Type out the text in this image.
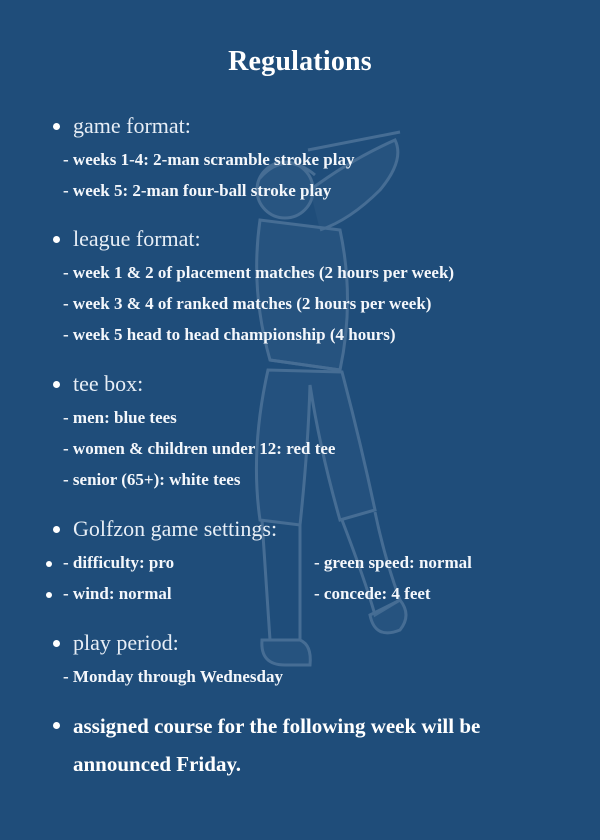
Regulations
game format:
- weeks 1-4: 2-man scramble stroke play
- week 5: 2-man four-ball stroke play
league format:
- week 1 & 2 of placement matches (2 hours per week)
- week 3 & 4 of ranked matches (2 hours per week)
- week 5 head to head championship (4 hours)
tee box:
- men: blue tees
- women & children under 12: red tee
- senior (65+): white tees
Golfzon game settings:
- difficulty: pro	- green speed: normal
- wind: normal	- concede: 4 feet
play period:
- Monday through Wednesday
assigned course for the following week will be announced Friday.
